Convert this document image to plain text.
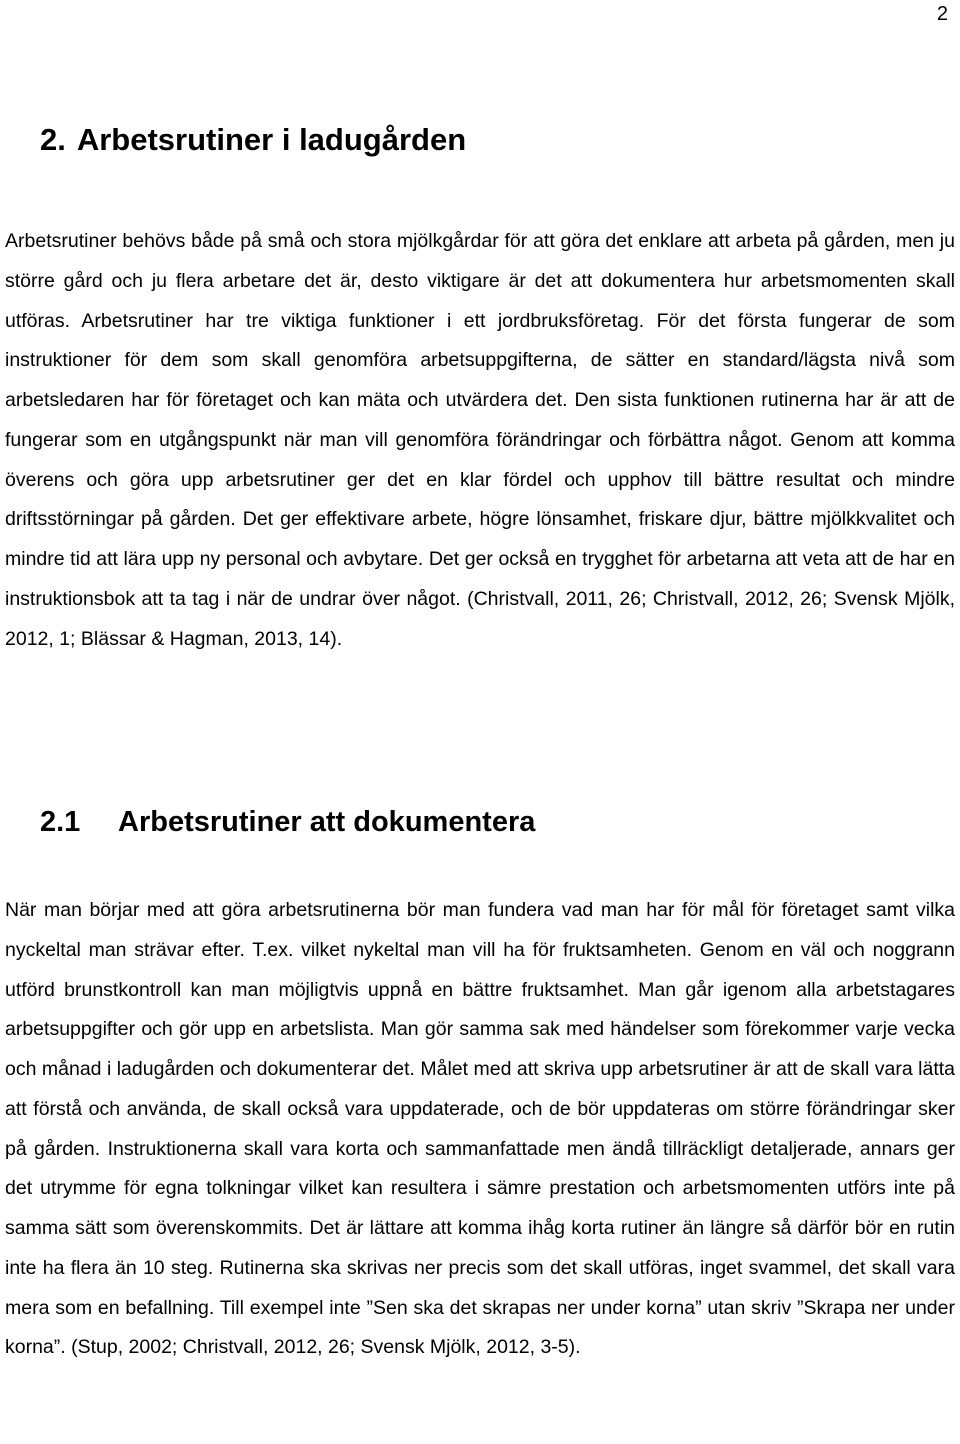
2
2. Arbetsrutiner i ladugården

Arbetsrutiner behövs både på små och stora mjölkgårdar för att göra det enklare att arbeta på gården, men ju större gård och ju flera arbetare det är, desto viktigare är det att dokumentera hur arbetsmomenten skall utföras. Arbetsrutiner har tre viktiga funktioner i ett jordbruksföretag. För det första fungerar de som instruktioner för dem som skall genomföra arbetsuppgifterna, de sätter en standard/lägsta nivå som arbetsledaren har för företaget och kan mäta och utvärdera det. Den sista funktionen rutinerna har är att de fungerar som en utgångspunkt när man vill genomföra förändringar och förbättra något. Genom att komma överens och göra upp arbetsrutiner ger det en klar fördel och upphov till bättre resultat och mindre driftsstörningar på gården. Det ger effektivare arbete, högre lönsamhet, friskare djur, bättre mjölkkvalitet och mindre tid att lära upp ny personal och avbytare. Det ger också en trygghet för arbetarna att veta att de har en instruktionsbok att ta tag i när de undrar över något. (Christvall, 2011, 26; Christvall, 2012, 26; Svensk Mjölk, 2012, 1; Blässar & Hagman, 2013, 14).

2.1 Arbetsrutiner att dokumentera

När man börjar med att göra arbetsrutinerna bör man fundera vad man har för mål för företaget samt vilka nyckeltal man strävar efter. T.ex. vilket nykeltal man vill ha för fruktsamheten. Genom en väl och noggrann utförd brunstkontroll kan man möjligtvis uppnå en bättre fruktsamhet. Man går igenom alla arbetstagares arbetsuppgifter och gör upp en arbetslista. Man gör samma sak med händelser som förekommer varje vecka och månad i ladugården och dokumenterar det. Målet med att skriva upp arbetsrutiner är att de skall vara lätta att förstå och använda, de skall också vara uppdaterade, och de bör uppdateras om större förändringar sker på gården. Instruktionerna skall vara korta och sammanfattade men ändå tillräckligt detaljerade, annars ger det utrymme för egna tolkningar vilket kan resultera i sämre prestation och arbetsmomenten utförs inte på samma sätt som överenskommits. Det är lättare att komma ihåg korta rutiner än längre så därför bör en rutin inte ha flera än 10 steg. Rutinerna ska skrivas ner precis som det skall utföras, inget svammel, det skall vara mera som en befallning. Till exempel inte ”Sen ska det skrapas ner under korna” utan skriv ”Skrapa ner under korna”. (Stup, 2002; Christvall, 2012, 26; Svensk Mjölk, 2012, 3-5).
